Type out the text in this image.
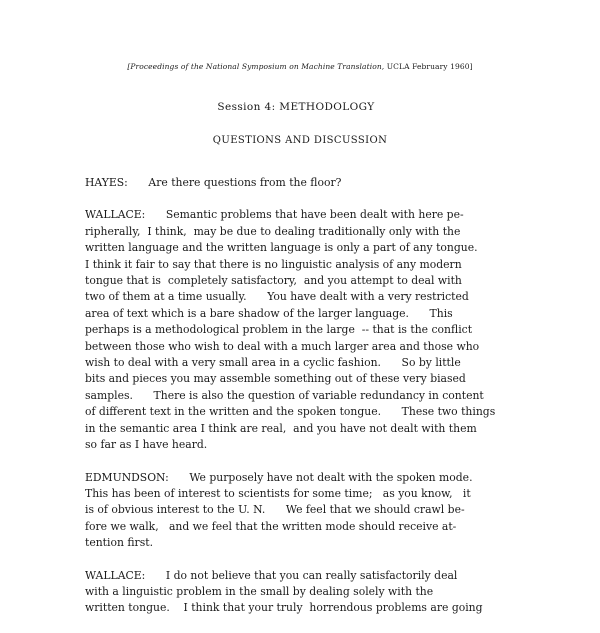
[Proceedings of the National Symposium on Machine Translation, UCLA February 1960]
Session 4: METHODOLOGY
QUESTIONS AND DISCUSSION
HAYES:      Are there questions from the floor?
WALLACE:      Semantic problems that have been dealt with here pe-
ripherally,  I think,  may be due to dealing traditionally only with the
written language and the written language is only a part of any tongue.
I think it fair to say that there is no linguistic analysis of any modern
tongue that is  completely satisfactory,  and you attempt to deal with
two of them at a time usually.      You have dealt with a very restricted
area of text which is a bare shadow of the larger language.      This
perhaps is a methodological problem in the large  -- that is the conflict
between those who wish to deal with a much larger area and those who
wish to deal with a very small area in a cyclic fashion.      So by little
bits and pieces you may assemble something out of these very biased
samples.      There is also the question of variable redundancy in content
of different text in the written and the spoken tongue.      These two things
in the semantic area I think are real,  and you have not dealt with them
so far as I have heard.
EDMUNDSON:      We purposely have not dealt with the spoken mode.
This has been of interest to scientists for some time;   as you know,   it
is of obvious interest to the U. N.      We feel that we should crawl be-
fore we walk,   and we feel that the written mode should receive at-
tention first.
WALLACE:      I do not believe that you can really satisfactorily deal
with a linguistic problem in the small by dealing solely with the
written tongue.    I think that your truly  horrendous problems are going
